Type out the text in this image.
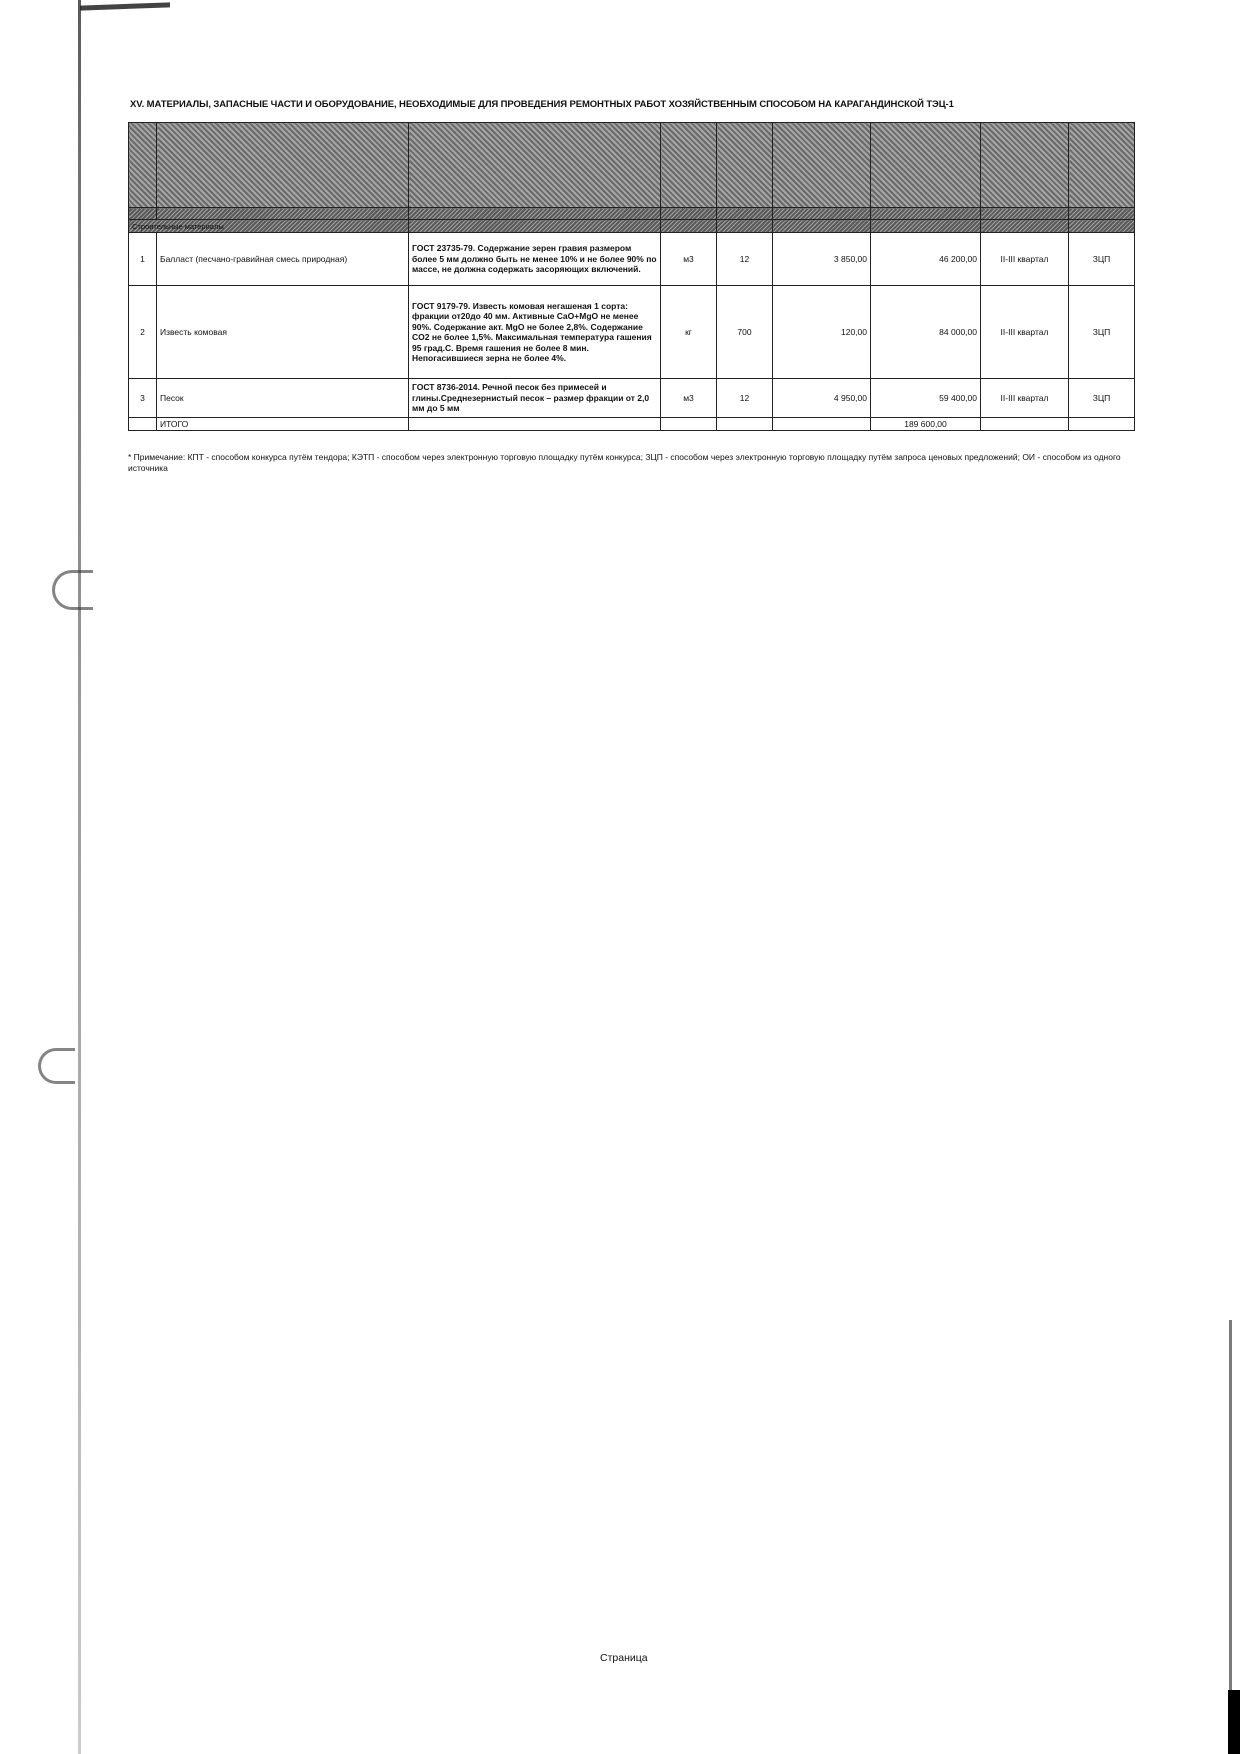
XV. МАТЕРИАЛЫ, ЗАПАСНЫЕ ЧАСТИ И ОБОРУДОВАНИЕ, НЕОБХОДИМЫЕ ДЛЯ ПРОВЕДЕНИЯ РЕМОНТНЫХ РАБОТ ХОЗЯЙСТВЕННЫМ СПОСОБОМ НА КАРАГАНДИНСКОЙ ТЭЦ-1

Строительные материалы								
1	Балласт (песчано-гравийная смесь природная)	ГОСТ 23735-79. Содержание зерен гравия размером более 5 мм должно быть не менее 10% и не более 90% по массе, не должна содержать засоряющих включений.	м3	12	3 850,00	46 200,00	II-III квартал	ЗЦП
2	Известь комовая	ГОСТ 9179-79. Известь комовая негашеная 1 сорта: фракции от20до 40 мм. Активные CaO+MgO не менее 90%. Содержание акт. MgO не более 2,8%. Содержание CO2 не более 1,5%. Максимальная температура гашения 95 град.С. Время гашения не более 8 мин. Непогасившиеся зерна не более 4%.	кг	700	120,00	84 000,00	II-III квартал	ЗЦП
3	Песок	ГОСТ 8736-2014. Речной песок без примесей и глины.Среднезернистый песок – размер фракции от 2,0 мм до 5 мм	м3	12	4 950,00	59 400,00	II-III квартал	ЗЦП
	ИТОГО					189 600,00		
* Примечание: КПТ - способом конкурса путём тендора; КЭТП - способом через электронную торговую площадку путём конкурса; ЗЦП - способом через электронную торговую площадку путём запроса ценовых предложений; ОИ - способом из одного источника
Страница
